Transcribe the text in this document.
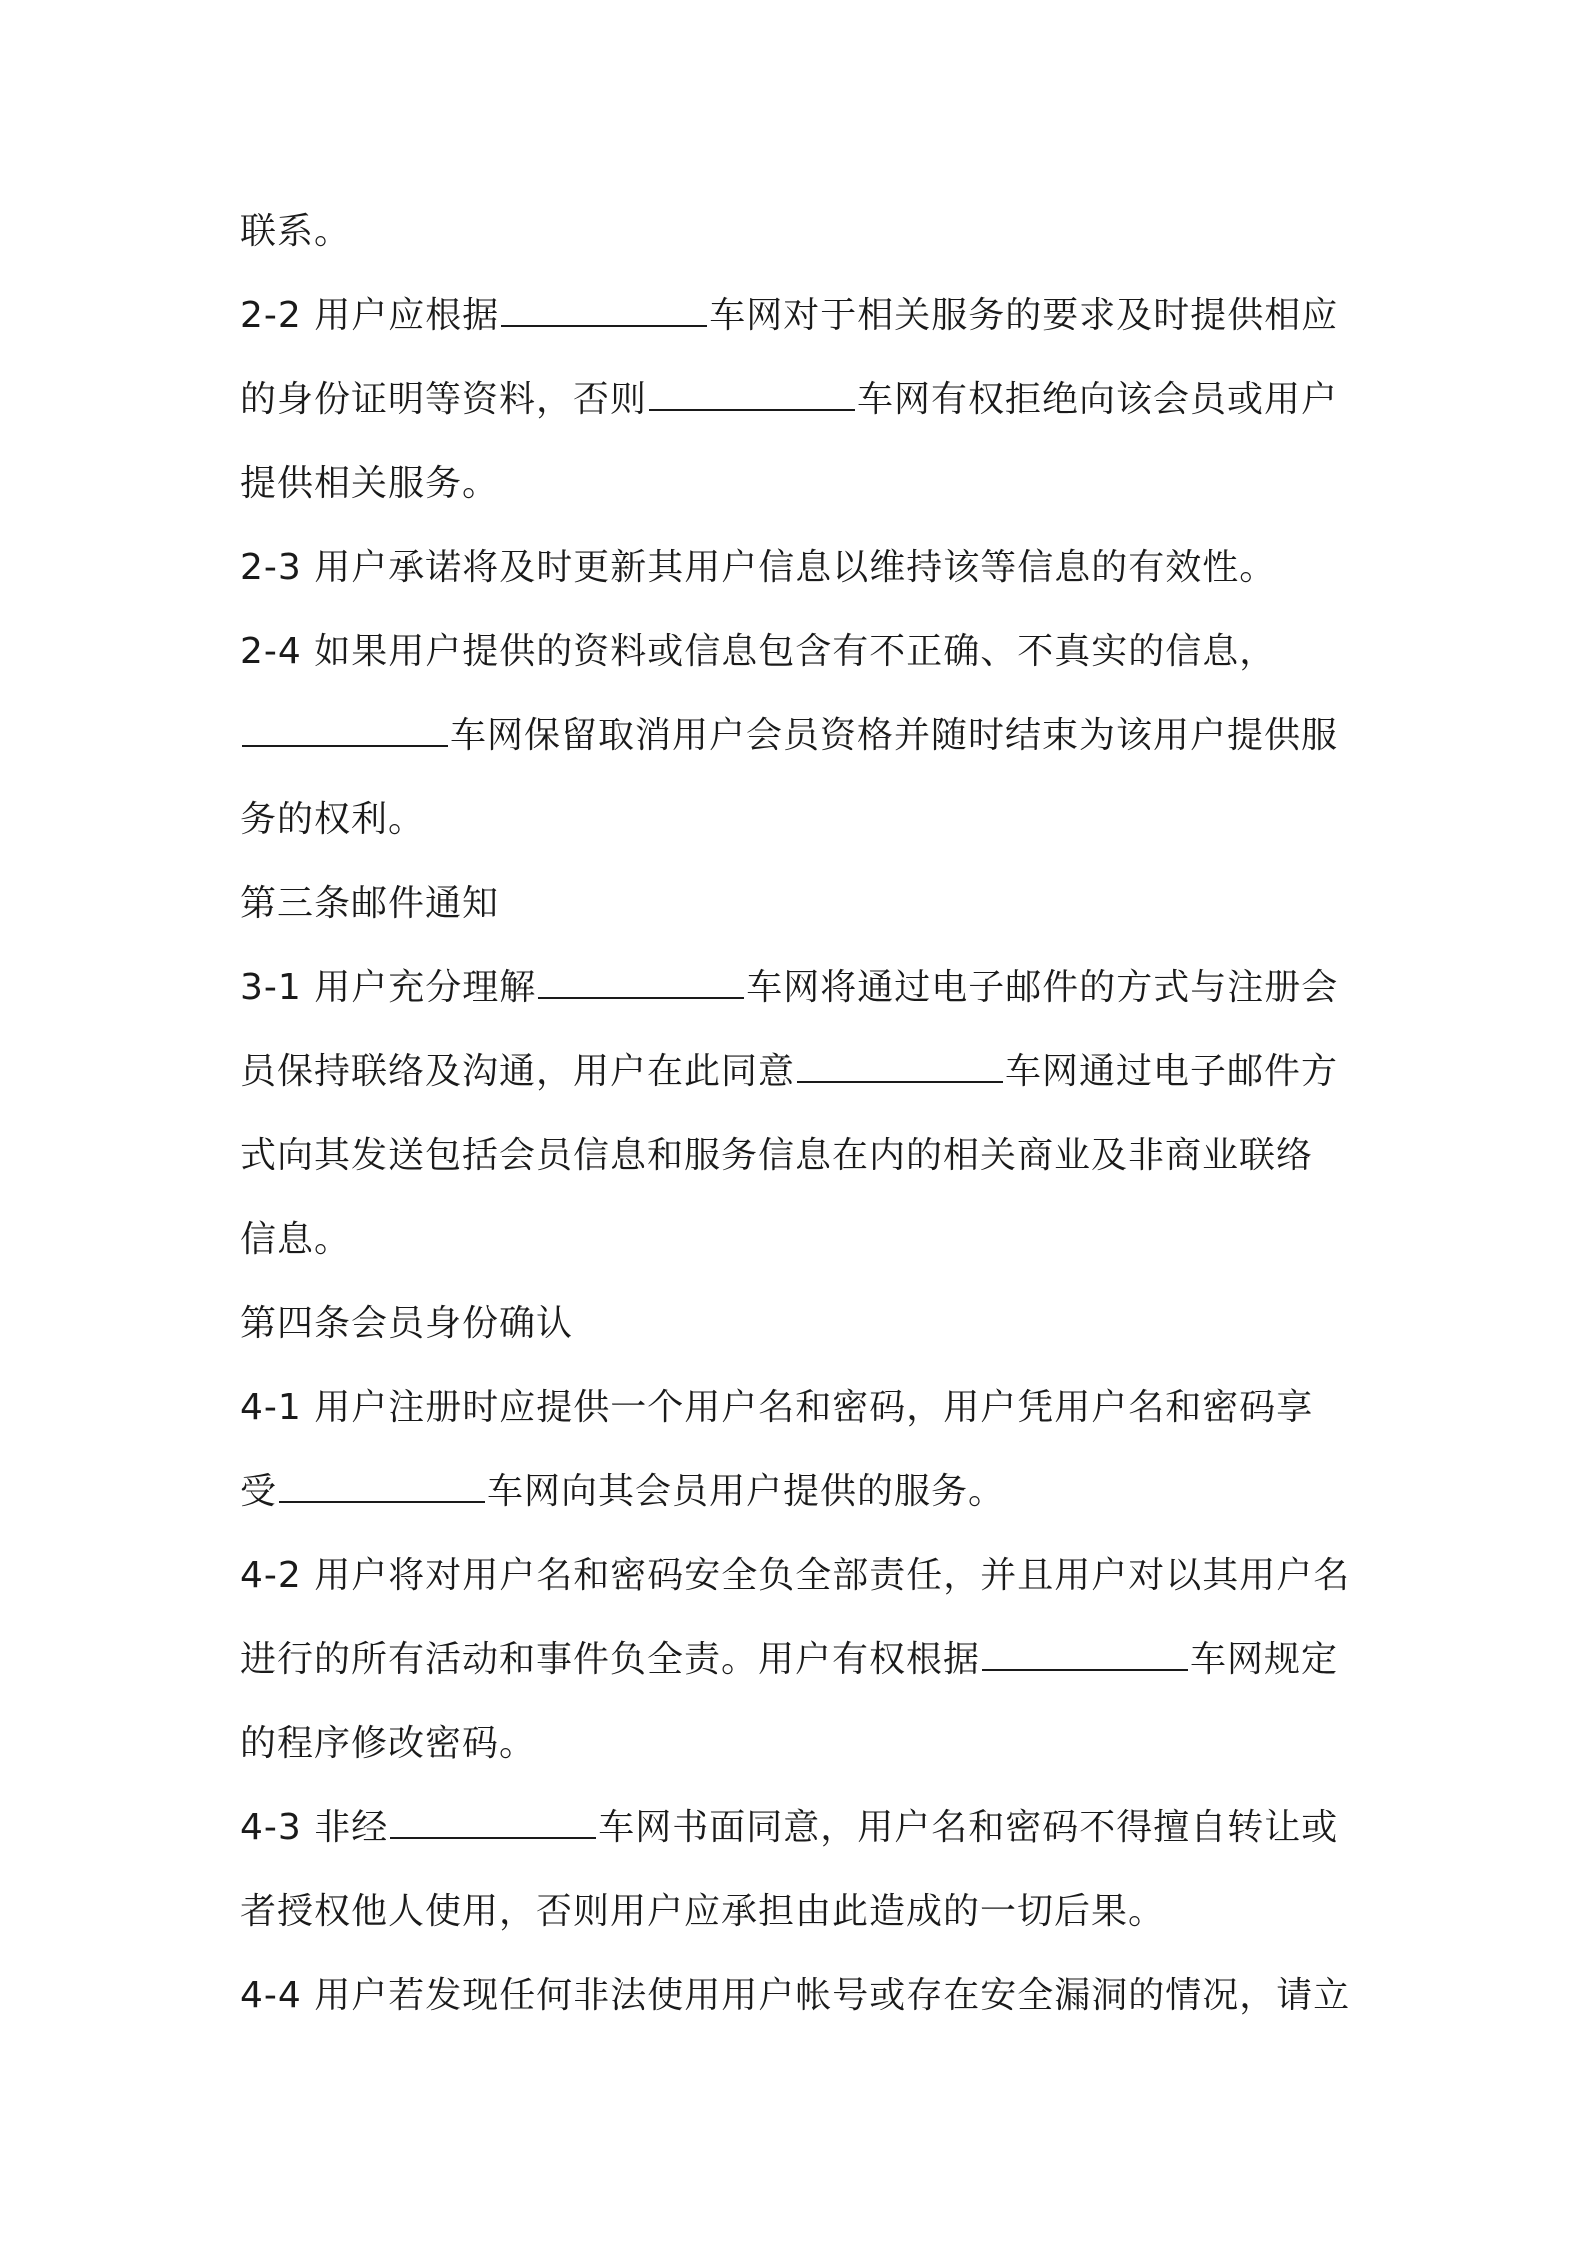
联系。
2-2 用户应根据	车网对于相关服务的要求及时提供相应
的身份证明等资料，否则	车网有权拒绝向该会员或用户
提供相关服务。
2-3 用户承诺将及时更新其用户信息以维持该等信息的有效性。
2-4 如果用户提供的资料或信息包含有不正确、不真实的信息，
车网保留取消用户会员资格并随时结束为该用户提供服
务的权利。
第三条邮件通知
3-1 用户充分理解	车网将通过电子邮件的方式与注册会
员保持联络及沟通，用户在此同意	车网通过电子邮件方
式向其发送包括会员信息和服务信息在内的相关商业及非商业联络
信息。
第四条会员身份确认
4-1 用户注册时应提供一个用户名和密码，用户凭用户名和密码享
受	车网向其会员用户提供的服务。
4-2 用户将对用户名和密码安全负全部责任，并且用户对以其用户名
进行的所有活动和事件负全责。用户有权根据	车网规定
的程序修改密码。
4-3 非经	车网书面同意，用户名和密码不得擅自转让或
者授权他人使用，否则用户应承担由此造成的一切后果。
4-4 用户若发现任何非法使用用户帐号或存在安全漏洞的情况，请立
